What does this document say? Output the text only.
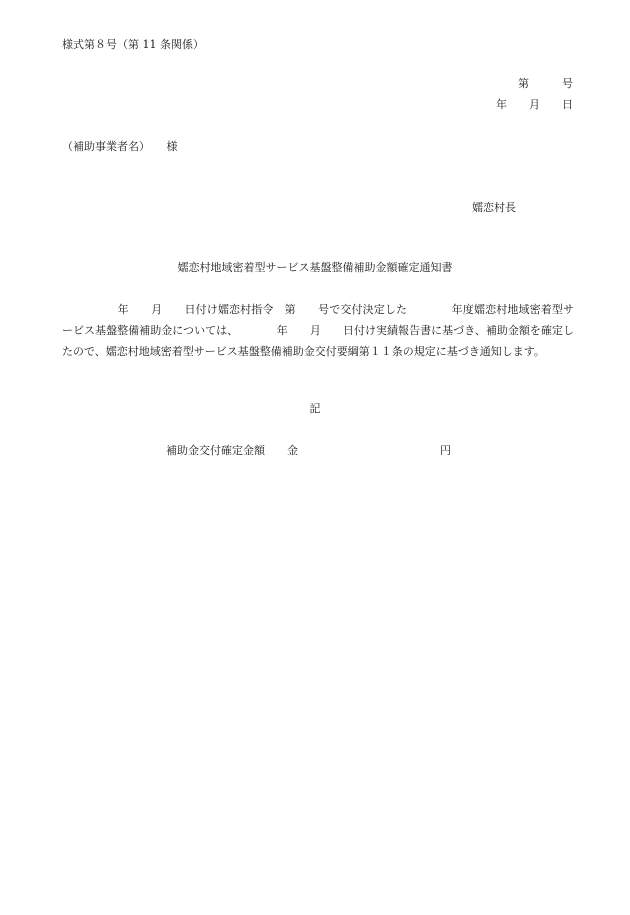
様式第８号（第 11 条関係）
第　　　号
年　　月　　日
（補助事業者名）　　様
嬬恋村長
嬬恋村地域密着型サービス基盤整備補助金額確定通知書
　　　　　年　　月　　日付け嬬恋村指令　第　　号で交付決定した　　　　年度嬬恋村地域密着型サービス基盤整備補助金については、　　　　年　　月　　日付け実績報告書に基づき、補助金額を確定したので、嬬恋村地域密着型サービス基盤整備補助金交付要綱第１１条の規定に基づき通知します。
記
補助金交付確定金額 金	円
